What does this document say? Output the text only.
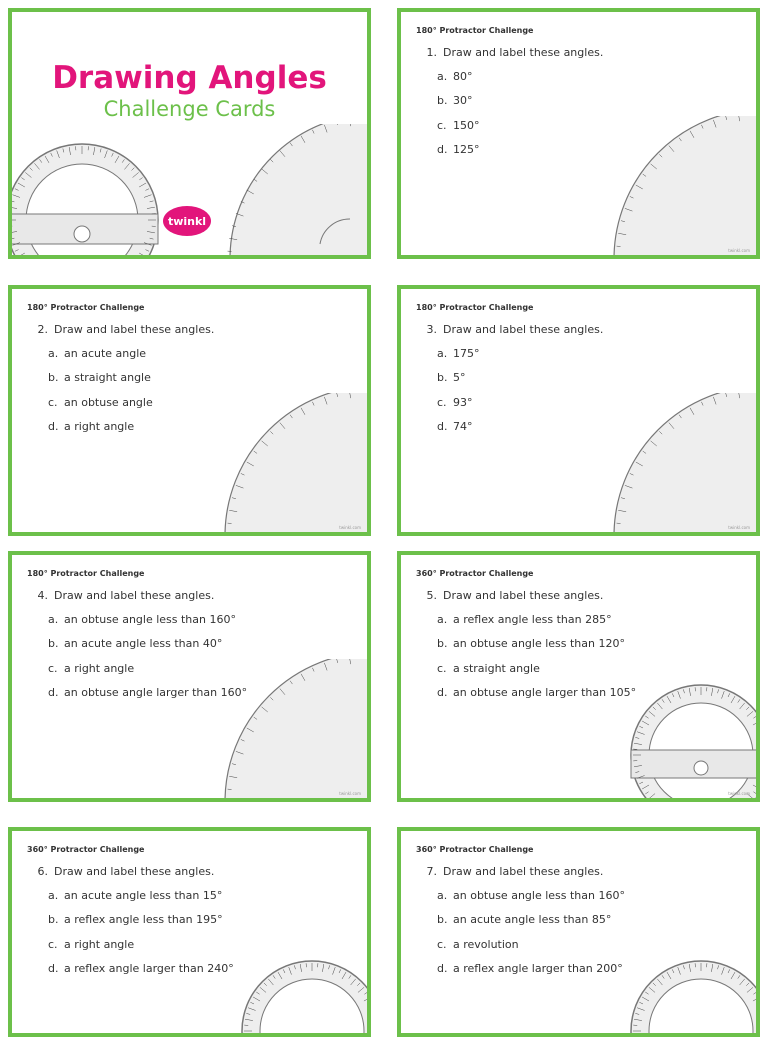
Drawing Angles
Challenge Cards
twinkl
180° Protractor Challenge
1. Draw and label these angles.
a. 80°
b. 30°
c. 150°
d. 125°
twinkl.com
180° Protractor Challenge
2. Draw and label these angles.
a. an acute angle
b. a straight angle
c. an obtuse angle
d. a right angle
twinkl.com
180° Protractor Challenge
3. Draw and label these angles.
a. 175°
b. 5°
c. 93°
d. 74°
twinkl.com
180° Protractor Challenge
4. Draw and label these angles.
a. an obtuse angle less than 160°
b. an acute angle less than 40°
c. a right angle
d. an obtuse angle larger than 160°
twinkl.com
360° Protractor Challenge
5. Draw and label these angles.
a. a reflex angle less than 285°
b. an obtuse angle less than 120°
c. a straight angle
d. an obtuse angle larger than 105°
twinkl.com
360° Protractor Challenge
6. Draw and label these angles.
a. an acute angle less than 15°
b. a reflex angle less than 195°
c. a right angle
d. a reflex angle larger than 240°
360° Protractor Challenge
7. Draw and label these angles.
a. an obtuse angle less than 160°
b. an acute angle less than 85°
c. a revolution
d. a reflex angle larger than 200°
